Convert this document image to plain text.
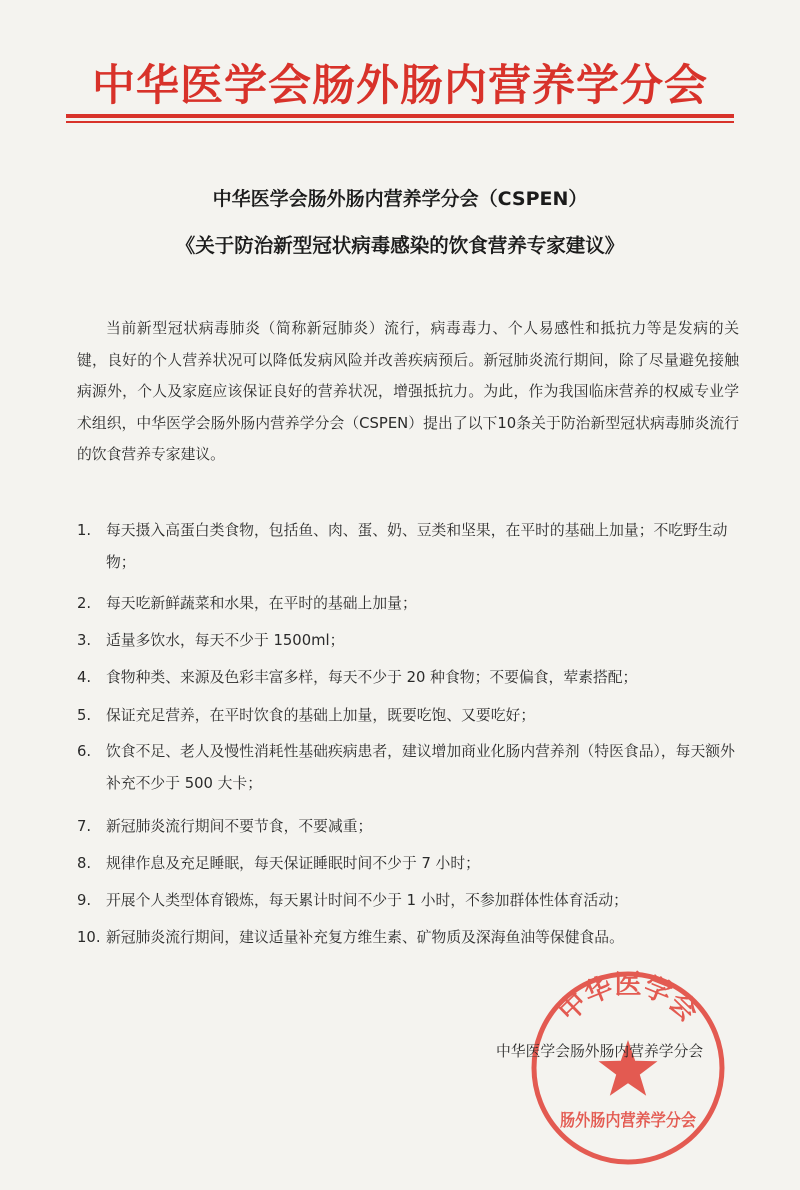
中华医学会肠外肠内营养学分会
中华医学会肠外肠内营养学分会（CSPEN）
《关于防治新型冠状病毒感染的饮食营养专家建议》

当前新型冠状病毒肺炎（简称新冠肺炎）流行，病毒毒力、个人易感性和抵抗力等是发病的关键，良好的个人营养状况可以降低发病风险并改善疾病预后。新冠肺炎流行期间，除了尽量避免接触病源外，个人及家庭应该保证良好的营养状况，增强抵抗力。为此，作为我国临床营养的权威专业学术组织，中华医学会肠外肠内营养学分会（CSPEN）提出了以下10条关于防治新型冠状病毒肺炎流行的饮食营养专家建议。

1.	每天摄入高蛋白类食物，包括鱼、肉、蛋、奶、豆类和坚果，在平时的基础上加量；不吃野生动物；
2.	每天吃新鲜蔬菜和水果，在平时的基础上加量；
3.	适量多饮水，每天不少于 1500ml；
4.	食物种类、来源及色彩丰富多样，每天不少于 20 种食物；不要偏食，荤素搭配；
5.	保证充足营养，在平时饮食的基础上加量，既要吃饱、又要吃好；
6.	饮食不足、老人及慢性消耗性基础疾病患者，建议增加商业化肠内营养剂（特医食品），每天额外补充不少于 500 大卡；
7.	新冠肺炎流行期间不要节食，不要减重；
8.	规律作息及充足睡眠，每天保证睡眠时间不少于 7 小时；
9.	开展个人类型体育锻炼，每天累计时间不少于 1 小时，不参加群体性体育活动；
10. 新冠肺炎流行期间，建议适量补充复方维生素、矿物质及深海鱼油等保健食品。
中华医学会
肠外肠内营养学分会
中华医学会肠外肠内营养学分会
